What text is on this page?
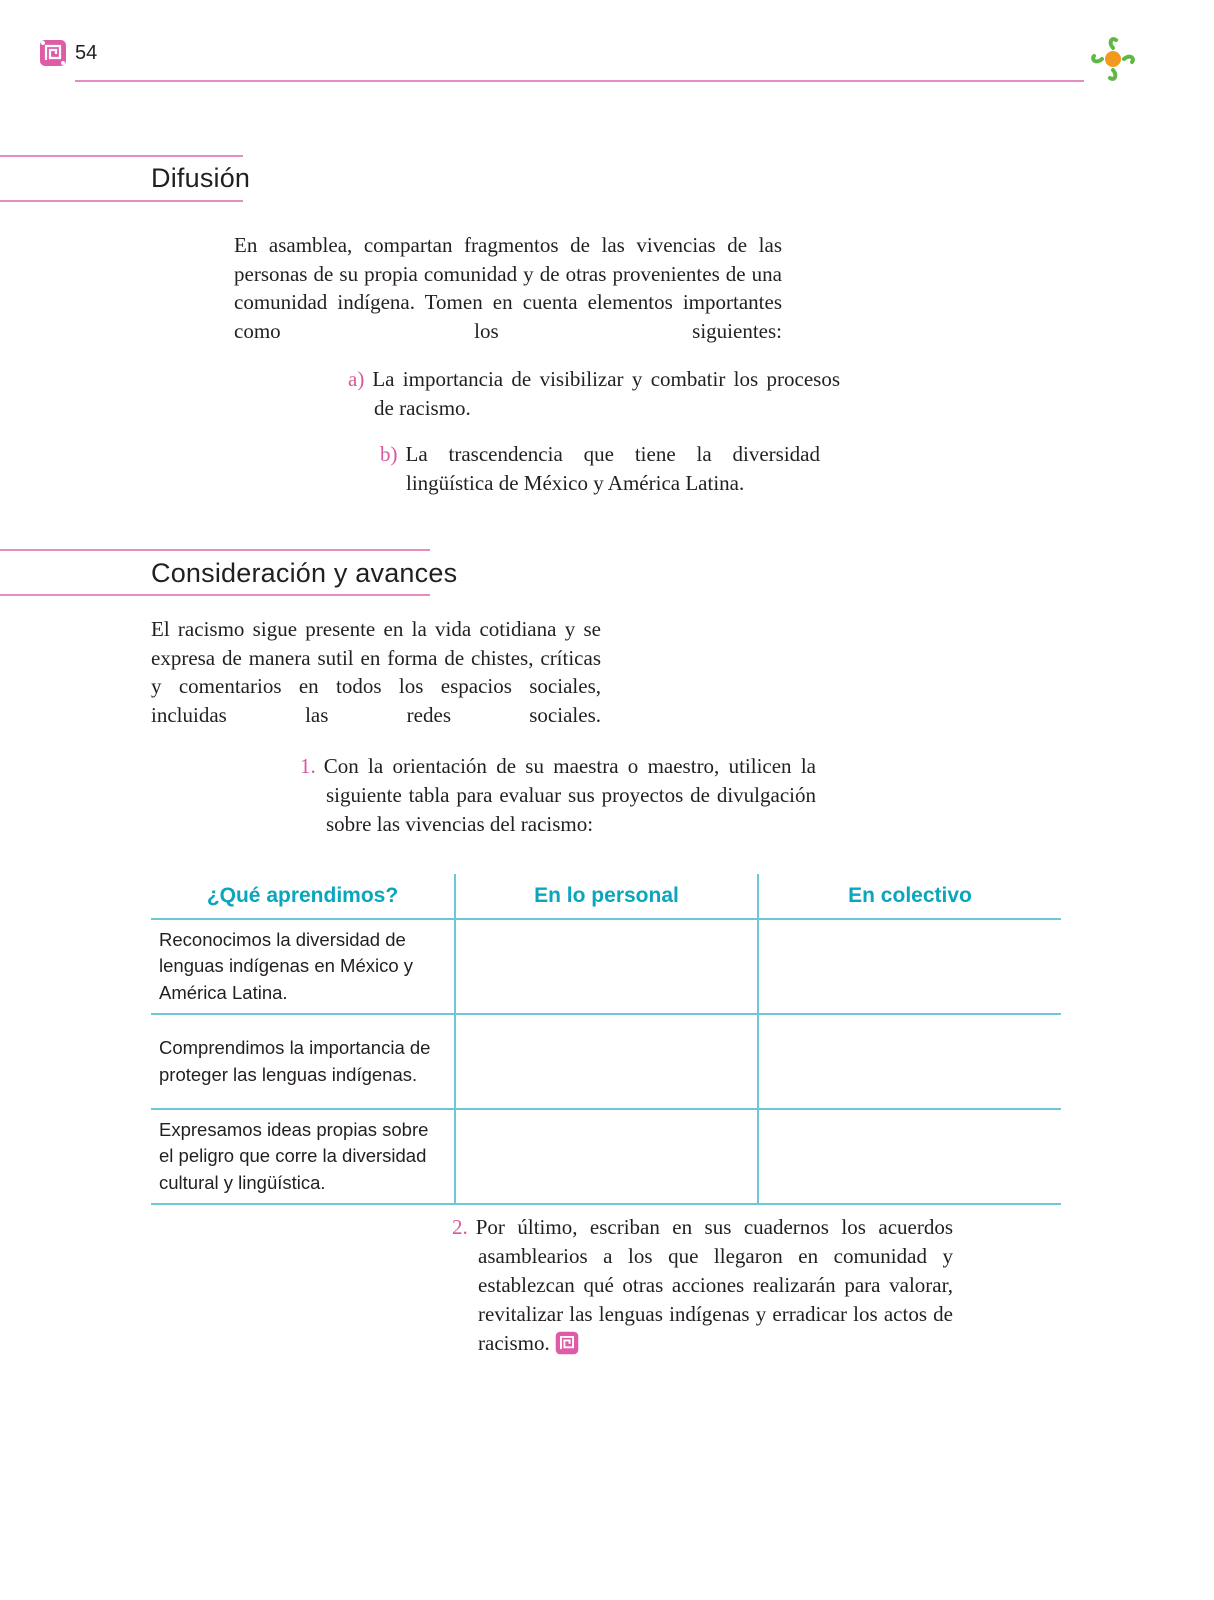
54
Difusión
En asamblea, compartan fragmentos de las vivencias de las personas de su propia comunidad y de otras provenientes de una comunidad indígena. Tomen en cuenta elementos importantes como los siguientes:
a) La importancia de visibilizar y combatir los procesos de racismo.
b) La trascendencia que tiene la diversidad lingüística de México y América Latina.
Consideración y avances
El racismo sigue presente en la vida cotidiana y se expresa de manera sutil en forma de chistes, críticas y comentarios en todos los espacios sociales, incluidas las redes sociales.
1. Con la orientación de su maestra o maestro, utilicen la siguiente tabla para evaluar sus proyectos de divulgación sobre las vivencias del racismo:
¿Qué aprendimos?	En lo personal	En colectivo
Reconocimos la diversidad de lenguas indígenas en México y América Latina.		
Comprendimos la importancia de proteger las lenguas indígenas.		
Expresamos ideas propias sobre el peligro que corre la diversidad cultural y lingüística.		
2. Por último, escriban en sus cuadernos los acuerdos asamblearios a los que llegaron en comunidad y establezcan qué otras acciones realizarán para valorar, revitalizar las lenguas indígenas y erradicar los actos de racismo.
